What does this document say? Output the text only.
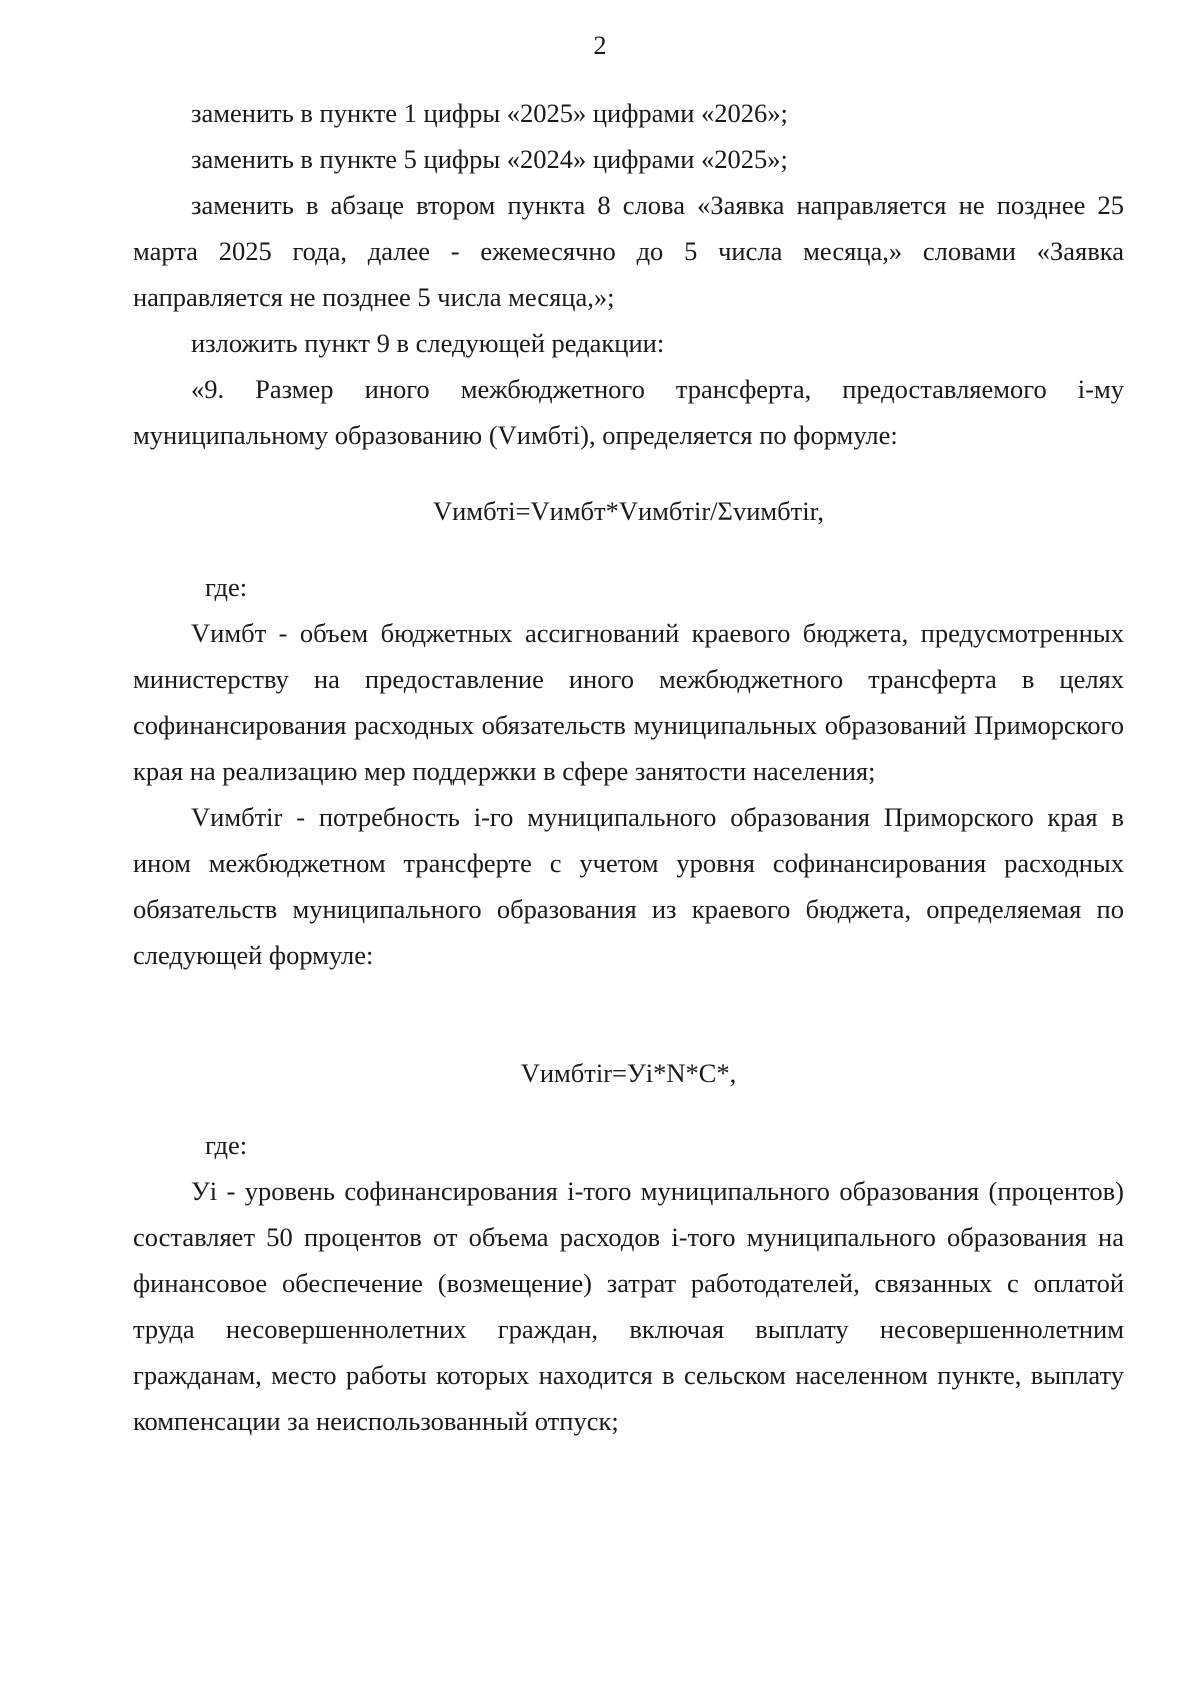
2

заменить в пункте 1 цифры «2025» цифрами «2026»;

заменить в пункте 5 цифры «2024» цифрами «2025»;

заменить в абзаце втором пункта 8 слова «Заявка направляется не позднее 25 марта 2025 года, далее - ежемесячно до 5 числа месяца,» словами «Заявка направляется не позднее 5 числа месяца,»;

изложить пункт 9 в следующей редакции:

«9. Размер иного межбюджетного трансферта, предоставляемого i-му муниципальному образованию (Vимбтi), определяется по формуле:

Vимбтi=Vимбт*Vимбтir/Σvимбтir,

где:

Vимбт - объем бюджетных ассигнований краевого бюджета, предусмотренных министерству на предоставление иного межбюджетного трансферта в целях софинансирования расходных обязательств муниципальных образований Приморского края на реализацию мер поддержки в сфере занятости населения;

Vимбтir - потребность i-го муниципального образования Приморского края в ином межбюджетном трансферте с учетом уровня софинансирования расходных обязательств муниципального образования из краевого бюджета, определяемая по следующей формуле:

Vимбтir=Уi*N*C*,

где:

Уi - уровень софинансирования i-того муниципального образования (процентов) составляет 50 процентов от объема расходов i-того муниципального образования на финансовое обеспечение (возмещение) затрат работодателей, связанных с оплатой труда несовершеннолетних граждан, включая выплату несовершеннолетним гражданам, место работы которых находится в сельском населенном пункте, выплату компенсации за неиспользованный отпуск;
